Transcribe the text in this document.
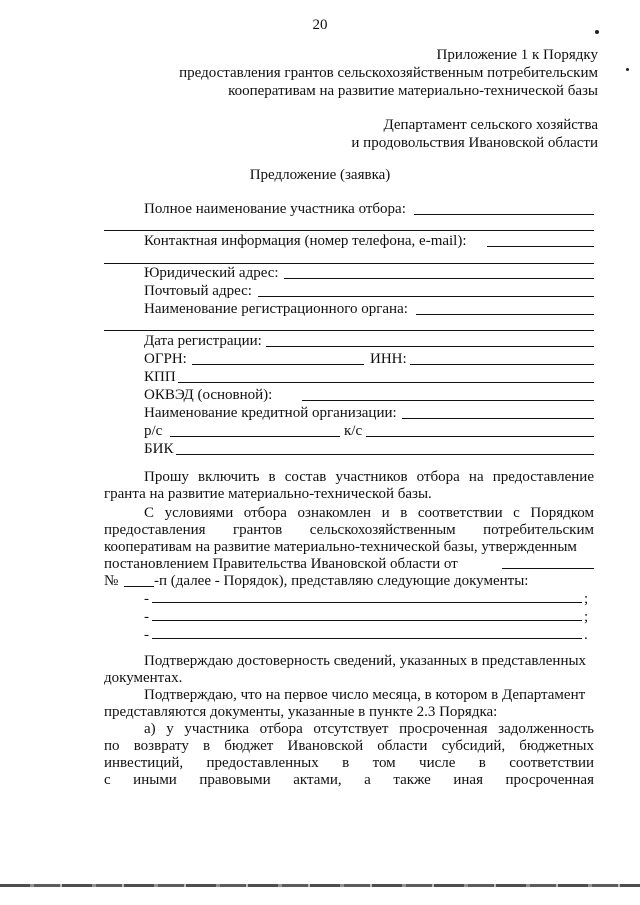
20
Приложение 1 к Порядку
предоставления грантов сельскохозяйственным потребительским
кооперативам на развитие материально-технической базы
Департамент сельского хозяйства
и продовольствия Ивановской области
Предложение (заявка)
Полное наименование участника отбора:
Контактная информация (номер телефона, e-mail):
Юридический адрес:
Почтовый адрес:
Наименование регистрационного органа:
Дата регистрации:
ОГРН:	ИНН:
КПП
ОКВЭД (основной):
Наименование кредитной организации:
р/с	к/с
БИК
Прошу включить в состав участников отбора на предоставление
гранта на развитие материально-технической базы.
С условиями отбора ознакомлен и в соответствии с Порядком
предоставления грантов сельскохозяйственным потребительским
кооперативам на развитие материально-технической базы, утвержденным
постановлением Правительства Ивановской области от
№ -п (далее - Порядок), представляю следующие документы:
-	;
-	;
-	.
Подтверждаю достоверность сведений, указанных в представленных
документах.
Подтверждаю, что на первое число месяца, в котором в Департамент
представляются документы, указанные в пункте 2.3 Порядка:
а) у участника отбора отсутствует просроченная задолженность
по возврату в бюджет Ивановской области субсидий, бюджетных
инвестиций, предоставленных в том числе в соответствии
с иными правовыми актами, а также иная просроченная
